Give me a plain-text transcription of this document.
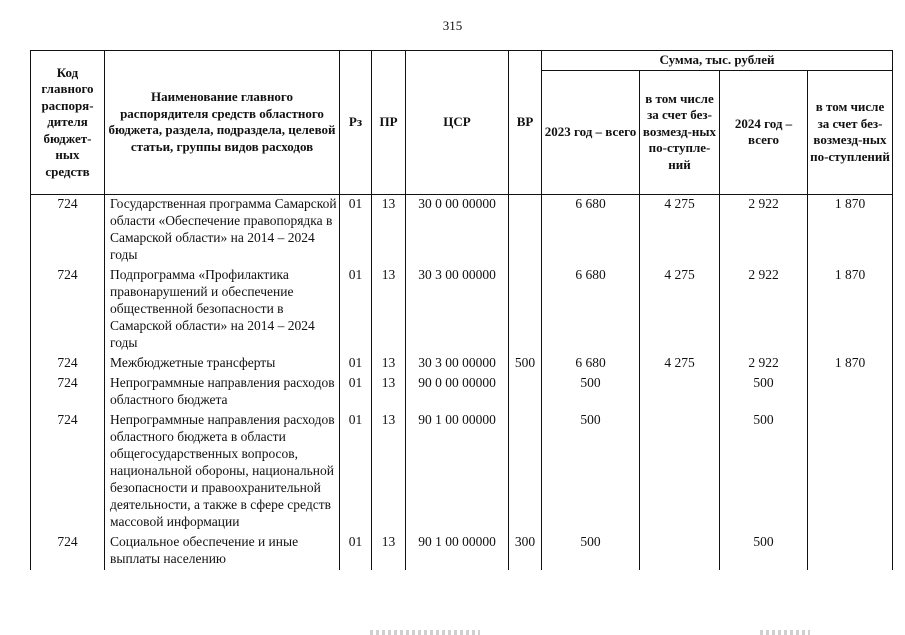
315
Код главного распоря-дителя бюджет-ных средств	Наименование главного распорядителя средств областного бюджета, раздела, подраздела, целевой статьи, группы видов расходов	Рз	ПР	ЦСР	ВР	Сумма, тыс. рублей			
						2023 год – всего	в том числе за счет без-возмезд-ных по-ступле-ний	2024 год – всего	в том числе за счет без-возмезд-ных по-ступлений
724	Государственная программа Самарской области «Обеспечение правопорядка в Самарской области» на 2014 – 2024 годы	01	13	30 0 00 00000		6 680	4 275	2 922	1 870
724	Подпрограмма «Профилактика правонарушений и обеспечение общественной безопасности в Самарской области» на 2014 – 2024 годы	01	13	30 3 00 00000		6 680	4 275	2 922	1 870
724	Межбюджетные трансферты	01	13	30 3 00 00000	500	6 680	4 275	2 922	1 870
724	Непрограммные направления расходов областного бюджета	01	13	90 0 00 00000		500		500	
724	Непрограммные направления расходов областного бюджета в области общегосударственных вопросов, национальной обороны, национальной безопасности и правоохранительной деятельности, а также в сфере средств массовой информации	01	13	90 1 00 00000		500		500	
724	Социальное обеспечение и иные выплаты населению	01	13	90 1 00 00000	300	500		500	
